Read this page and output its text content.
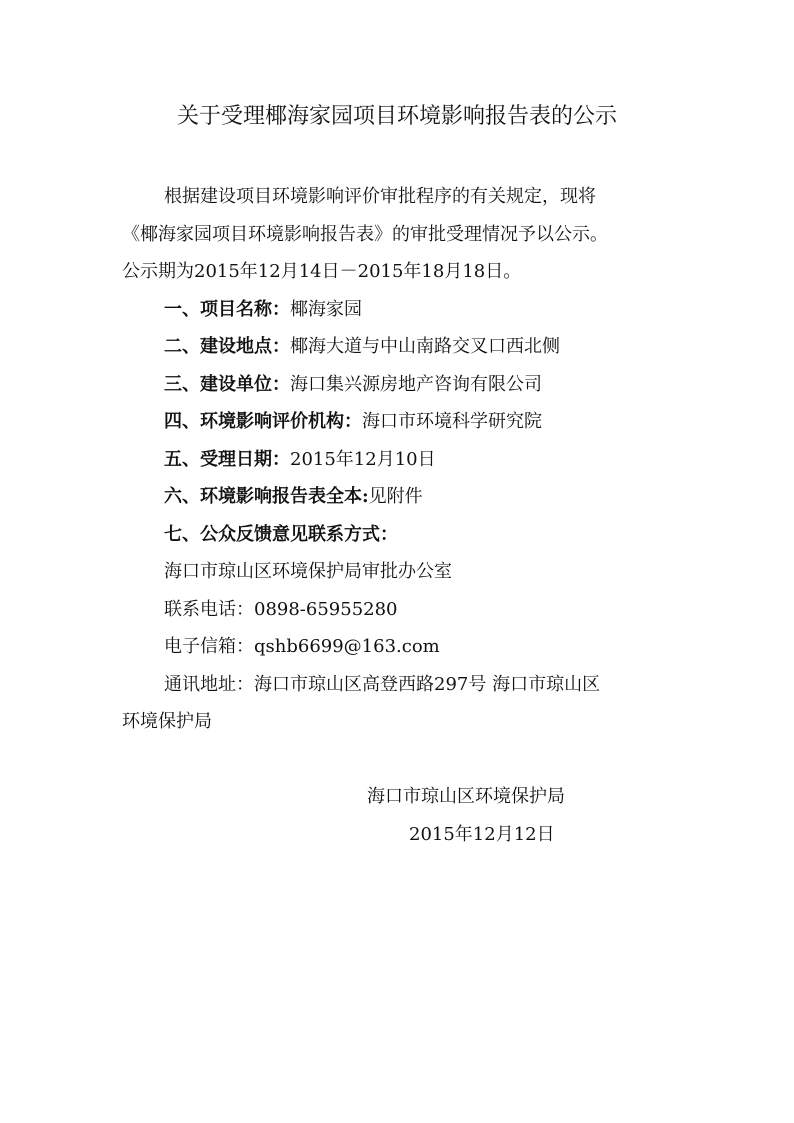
关于受理椰海家园项目环境影响报告表的公示
根据建设项目环境影响评价审批程序的有关规定，现将
《椰海家园项目环境影响报告表》的审批受理情况予以公示。
公示期为2015年12月14日－2015年18月18日。
一、项目名称：椰海家园
二、建设地点：椰海大道与中山南路交叉口西北侧
三、建设单位：海口集兴源房地产咨询有限公司
四、环境影响评价机构：海口市环境科学研究院
五、受理日期：2015年12月10日
六、环境影响报告表全本:见附件
七、公众反馈意见联系方式：
海口市琼山区环境保护局审批办公室
联系电话：0898-65955280
电子信箱：qshb6699@163.com
通讯地址：海口市琼山区高登西路297号 海口市琼山区
环境保护局
海口市琼山区环境保护局
2015年12月12日
